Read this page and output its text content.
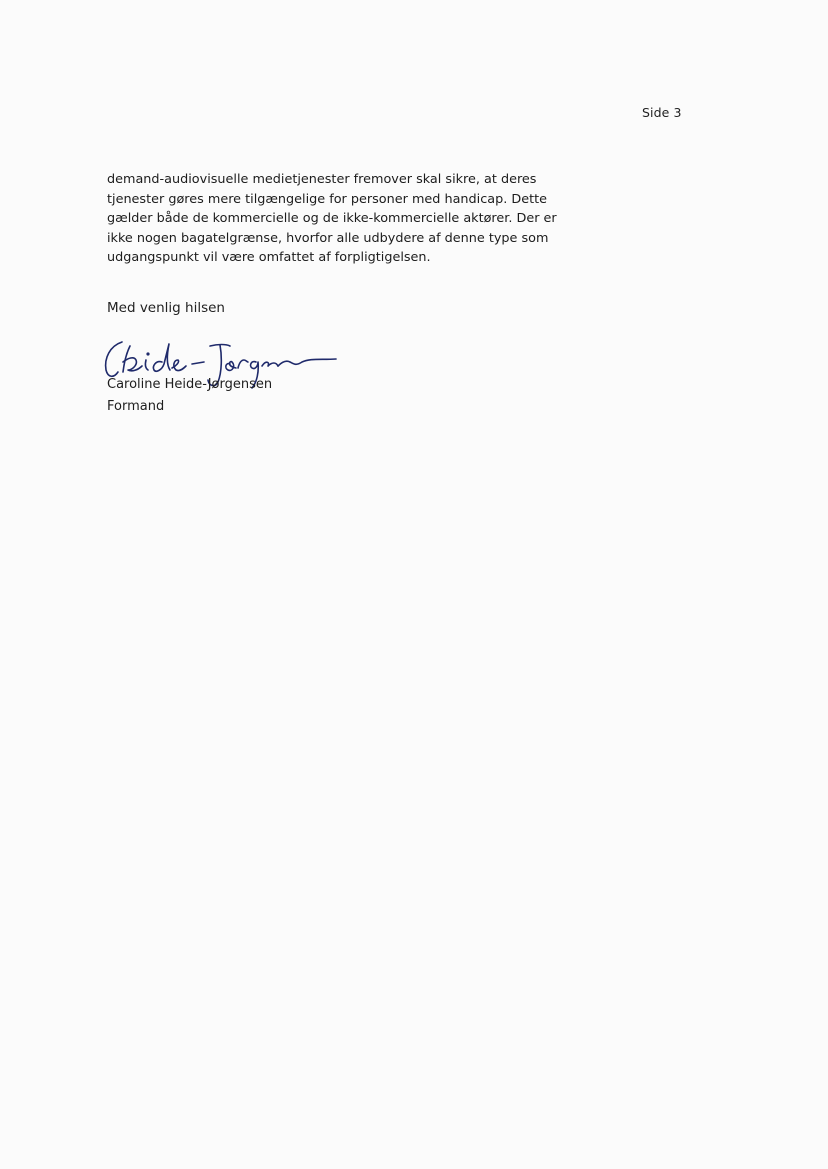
Side 3
demand-audiovisuelle medietjenester fremover skal sikre, at deres
tjenester gøres mere tilgængelige for personer med handicap. Dette
gælder både de kommercielle og de ikke-kommercielle aktører. Der er
ikke nogen bagatelgrænse, hvorfor alle udbydere af denne type som
udgangspunkt vil være omfattet af forpligtigelsen.
Med venlig hilsen
Caroline Heide-Jørgensen
Formand
